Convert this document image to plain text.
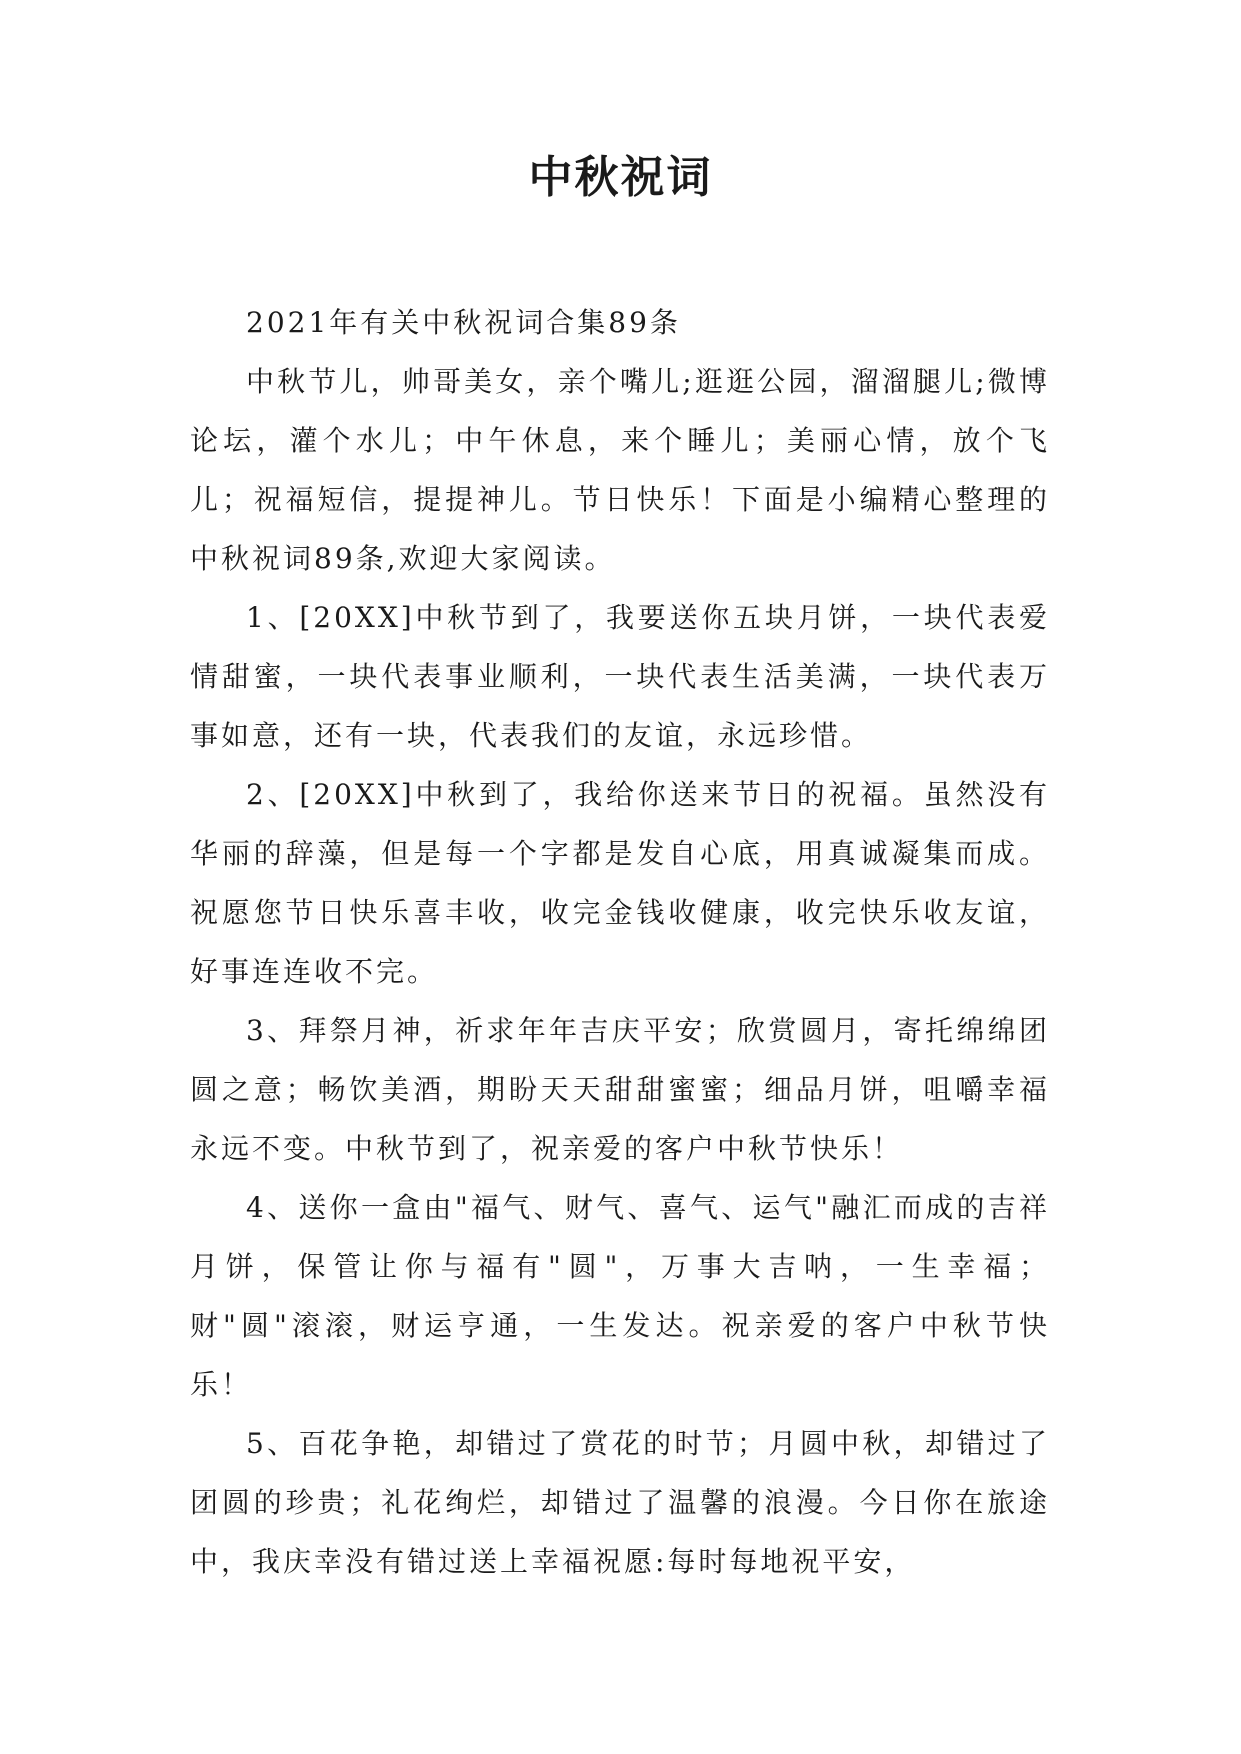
中秋祝词

2021年有关中秋祝词合集89条

中秋节儿，帅哥美女，亲个嘴儿;逛逛公园，溜溜腿儿;微博论坛，灌个水儿；中午休息，来个睡儿；美丽心情，放个飞儿；祝福短信，提提神儿。节日快乐！下面是小编精心整理的中秋祝词89条,欢迎大家阅读。

1、[20XX]中秋节到了，我要送你五块月饼，一块代表爱情甜蜜，一块代表事业顺利，一块代表生活美满，一块代表万事如意，还有一块，代表我们的友谊，永远珍惜。

2、[20XX]中秋到了，我给你送来节日的祝福。虽然没有华丽的辞藻，但是每一个字都是发自心底，用真诚凝集而成。祝愿您节日快乐喜丰收，收完金钱收健康，收完快乐收友谊，好事连连收不完。

3、拜祭月神，祈求年年吉庆平安；欣赏圆月，寄托绵绵团圆之意；畅饮美酒，期盼天天甜甜蜜蜜；细品月饼，咀嚼幸福永远不变。中秋节到了，祝亲爱的客户中秋节快乐！

4、送你一盒由"福气、财气、喜气、运气"融汇而成的吉祥月饼，保管让你与福有"圆"，万事大吉呐，一生幸福；财"圆"滚滚，财运亨通，一生发达。祝亲爱的客户中秋节快乐！

5、百花争艳，却错过了赏花的时节；月圆中秋，却错过了团圆的珍贵；礼花绚烂，却错过了温馨的浪漫。今日你在旅途中，我庆幸没有错过送上幸福祝愿:每时每地祝平安，
